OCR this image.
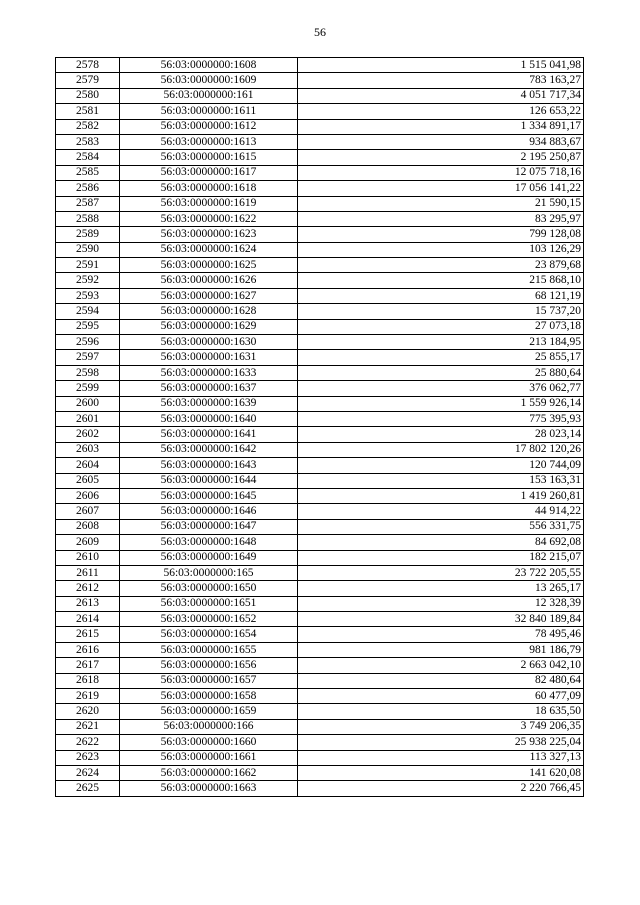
56
2578	56:03:0000000:1608	1 515 041,98
2579	56:03:0000000:1609	783 163,27
2580	56:03:0000000:161	4 051 717,34
2581	56:03:0000000:1611	126 653,22
2582	56:03:0000000:1612	1 334 891,17
2583	56:03:0000000:1613	934 883,67
2584	56:03:0000000:1615	2 195 250,87
2585	56:03:0000000:1617	12 075 718,16
2586	56:03:0000000:1618	17 056 141,22
2587	56:03:0000000:1619	21 590,15
2588	56:03:0000000:1622	83 295,97
2589	56:03:0000000:1623	799 128,08
2590	56:03:0000000:1624	103 126,29
2591	56:03:0000000:1625	23 879,68
2592	56:03:0000000:1626	215 868,10
2593	56:03:0000000:1627	68 121,19
2594	56:03:0000000:1628	15 737,20
2595	56:03:0000000:1629	27 073,18
2596	56:03:0000000:1630	213 184,95
2597	56:03:0000000:1631	25 855,17
2598	56:03:0000000:1633	25 880,64
2599	56:03:0000000:1637	376 062,77
2600	56:03:0000000:1639	1 559 926,14
2601	56:03:0000000:1640	775 395,93
2602	56:03:0000000:1641	28 023,14
2603	56:03:0000000:1642	17 802 120,26
2604	56:03:0000000:1643	120 744,09
2605	56:03:0000000:1644	153 163,31
2606	56:03:0000000:1645	1 419 260,81
2607	56:03:0000000:1646	44 914,22
2608	56:03:0000000:1647	556 331,75
2609	56:03:0000000:1648	84 692,08
2610	56:03:0000000:1649	182 215,07
2611	56:03:0000000:165	23 722 205,55
2612	56:03:0000000:1650	13 265,17
2613	56:03:0000000:1651	12 328,39
2614	56:03:0000000:1652	32 840 189,84
2615	56:03:0000000:1654	78 495,46
2616	56:03:0000000:1655	981 186,79
2617	56:03:0000000:1656	2 663 042,10
2618	56:03:0000000:1657	82 480,64
2619	56:03:0000000:1658	60 477,09
2620	56:03:0000000:1659	18 635,50
2621	56:03:0000000:166	3 749 206,35
2622	56:03:0000000:1660	25 938 225,04
2623	56:03:0000000:1661	113 327,13
2624	56:03:0000000:1662	141 620,08
2625	56:03:0000000:1663	2 220 766,45
